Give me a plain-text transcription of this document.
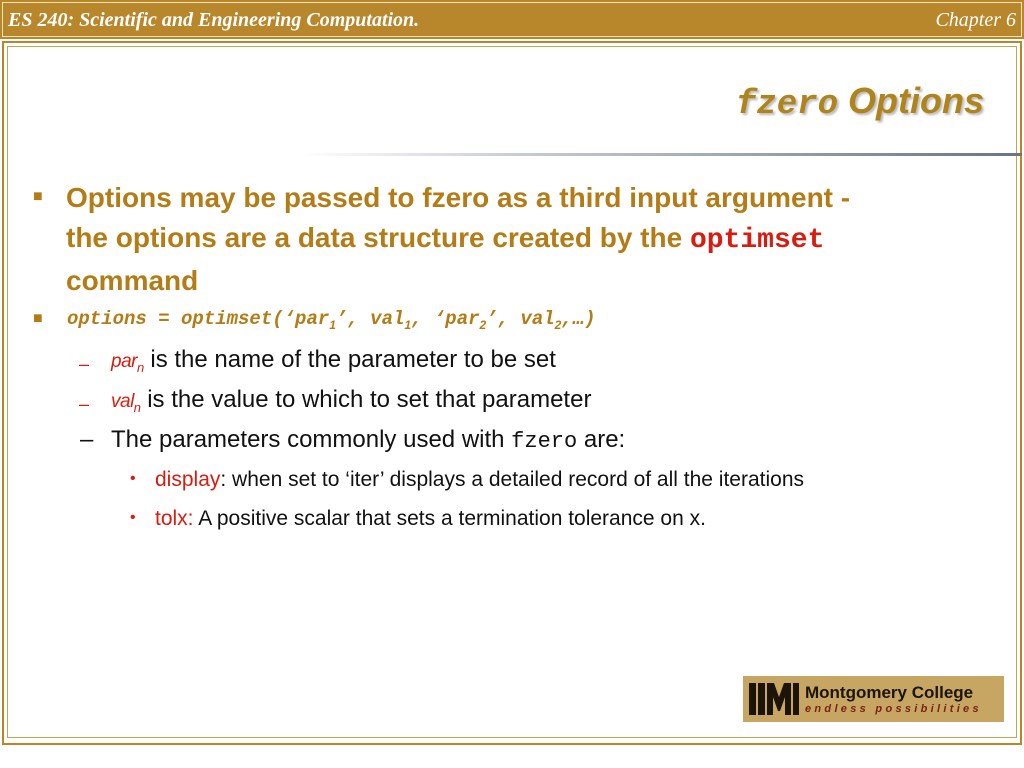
ES 240: Scientific and Engineering Computation.	Chapter 6
fzero Options
■ Options may be passed to fzero as a third input argument -
the options are a data structure created by the optimset
command
■ options = optimset(‘par$_1$’, val$_1$, ‘par$_2$’, val$_2$,…)
– par$_n$ is the name of the parameter to be set
– val$_n$ is the value to which to set that parameter
– The parameters commonly used with fzero are:
• display: when set to ‘iter’ displays a detailed record of all the iterations
• tolx: A positive scalar that sets a termination tolerance on x.
Montgomery College
endless possibilities
